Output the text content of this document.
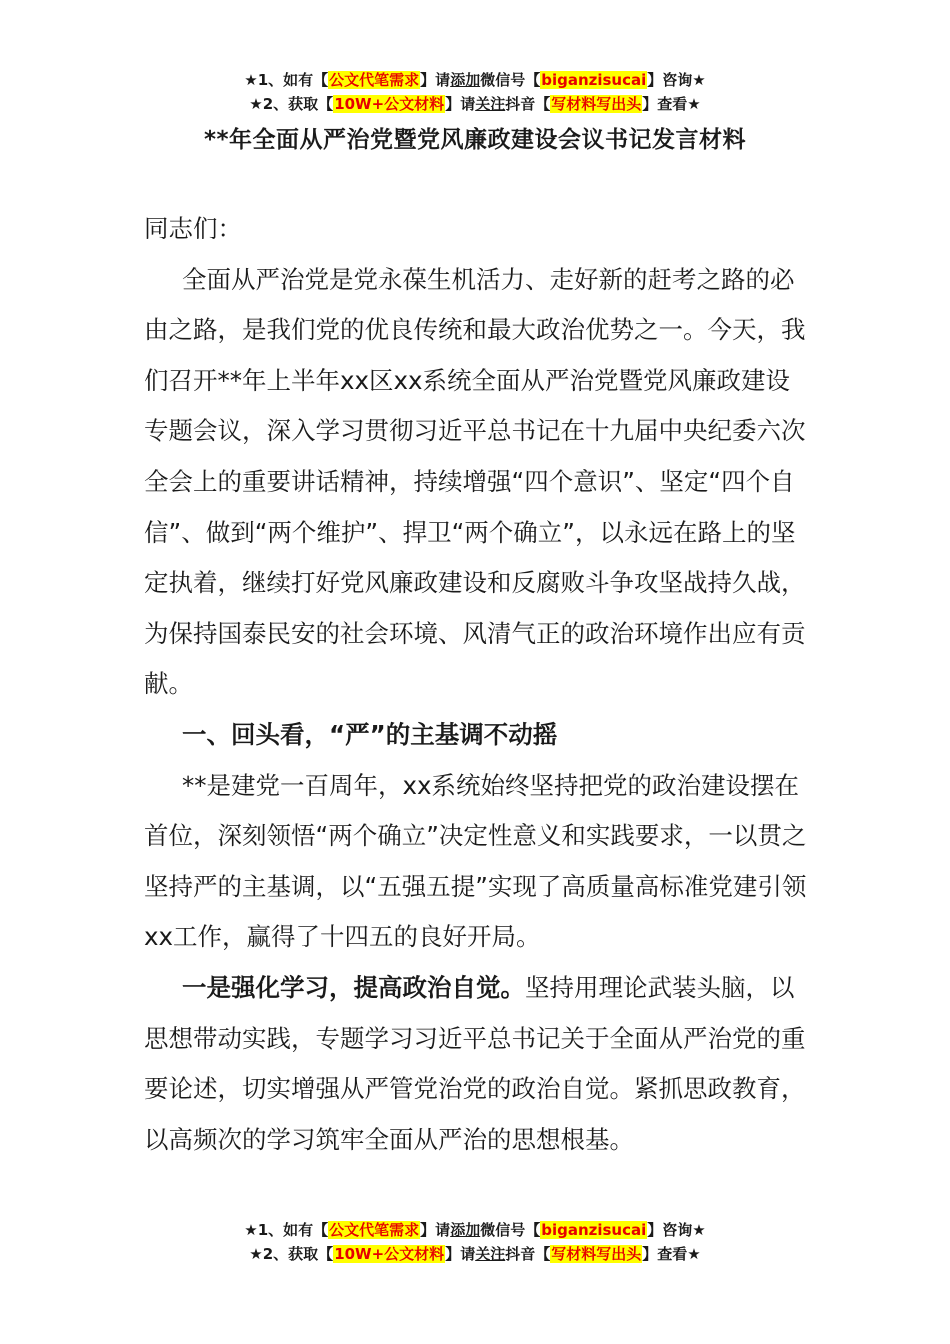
★1、如有【公文代笔需求】请添加微信号【biganzisucai】咨询★
★2、获取【10W+公文材料】请关注抖音【写材料写出头】查看★
**年全面从严治党暨党风廉政建设会议书记发言材料

同志们：

全面从严治党是党永葆生机活力、走好新的赶考之路的必由之路，是我们党的优良传统和最大政治优势之一。今天，我们召开**年上半年xx区xx系统全面从严治党暨党风廉政建设专题会议，深入学习贯彻习近平总书记在十九届中央纪委六次全会上的重要讲话精神，持续增强“四个意识”、坚定“四个自信”、做到“两个维护”、捍卫“两个确立”，以永远在路上的坚定执着，继续打好党风廉政建设和反腐败斗争攻坚战持久战，为保持国泰民安的社会环境、风清气正的政治环境作出应有贡献。

一、回头看，“严”的主基调不动摇

**是建党一百周年，xx系统始终坚持把党的政治建设摆在首位，深刻领悟“两个确立”决定性意义和实践要求，一以贯之坚持严的主基调，以“五强五提”实现了高质量高标准党建引领xx工作，赢得了十四五的良好开局。

一是强化学习，提高政治自觉。坚持用理论武装头脑，以思想带动实践，专题学习习近平总书记关于全面从严治党的重要论述，切实增强从严管党治党的政治自觉。紧抓思政教育，以高频次的学习筑牢全面从严治的思想根基。

★1、如有【公文代笔需求】请添加微信号【biganzisucai】咨询★
★2、获取【10W+公文材料】请关注抖音【写材料写出头】查看★
